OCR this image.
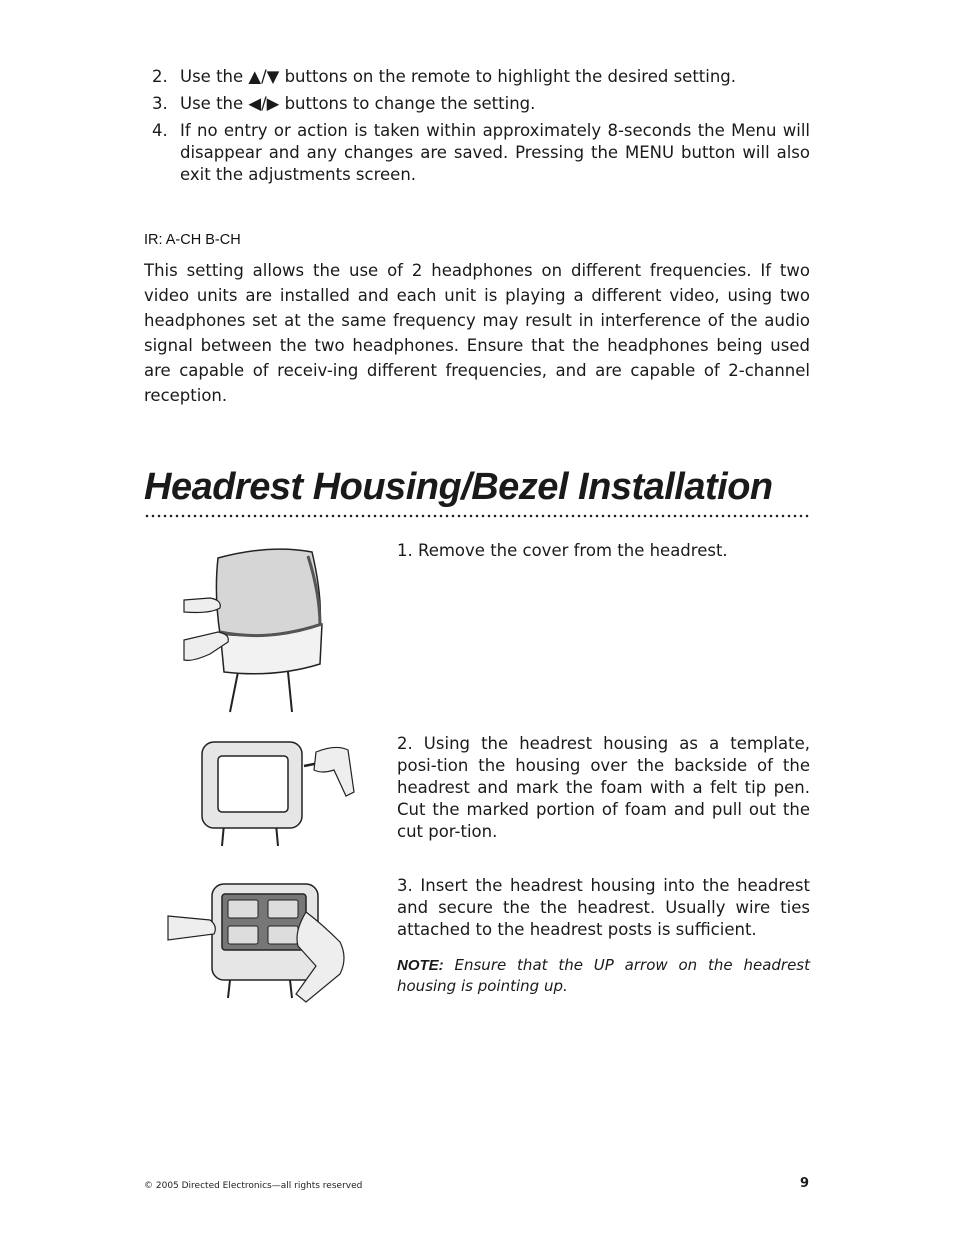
2. Use the ▲/▼ buttons on the remote to highlight the desired setting.
3. Use the ◀/▶ buttons to change the setting.
4. If no entry or action is taken within approximately 8-seconds the Menu will disappear and any changes are saved. Pressing the MENU button will also exit the adjustments screen.
IR: A-CH B-CH

This setting allows the use of 2 headphones on different frequencies. If two video units are installed and each unit is playing a different video, using two headphones set at the same frequency may result in interference of the audio signal between the two headphones. Ensure that the headphones being used are capable of receiv-ing different frequencies, and are capable of 2-channel reception.

Headrest Housing/Bezel Installation

1. Remove the cover from the headrest.

2. Using the headrest housing as a template, posi-tion the housing over the backside of the headrest and mark the foam with a felt tip pen. Cut the marked portion of foam and pull out the cut por-tion.

3. Insert the headrest housing into the headrest and secure the the headrest. Usually wire ties attached to the headrest posts is sufficient.

NOTE: Ensure that the UP arrow on the headrest housing is pointing up.

© 2005 Directed Electronics—all rights reserved	9
